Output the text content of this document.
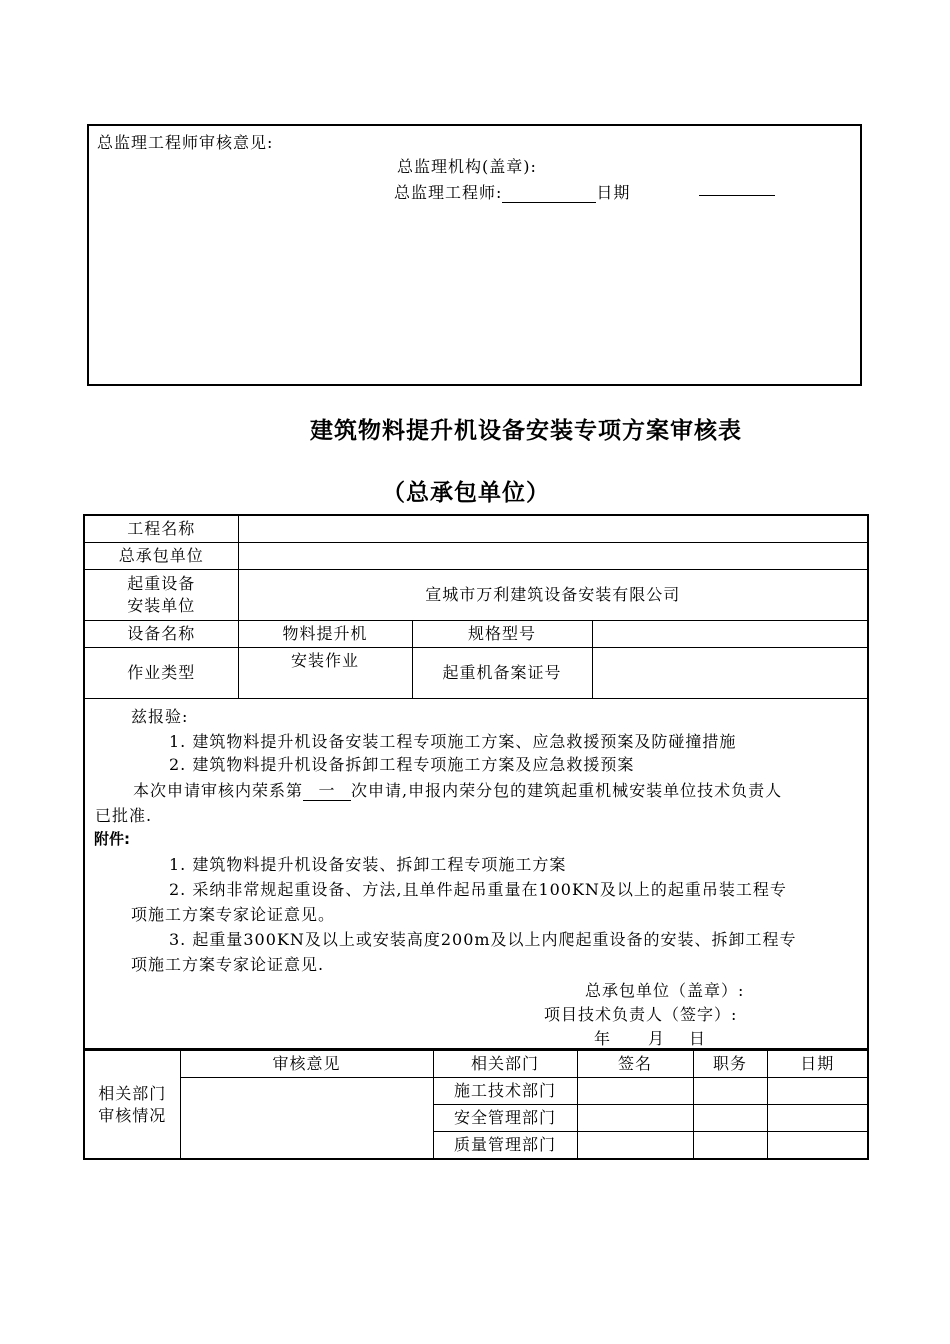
总监理工程师审核意见:
总监理机构(盖章):
总监理工程师:	日期
建筑物料提升机设备安装专项方案审核表
（总承包单位）
工程名称			
总承包单位			

起重设备
安装单位	宣城市万利建筑设备安装有限公司		
设备名称	物料提升机	规格型号	
作业类型	安装作业	起重机备案证号	

兹报验:
1. 建筑物料提升机设备安装工程专项施工方案、应急救援预案及防碰撞措施
2. 建筑物料提升机设备拆卸工程专项施工方案及应急救援预案
本次申请审核内荣系第 一 次申请,申报内荣分包的建筑起重机械安装单位技术负责人
已批准.
附件:
1. 建筑物料提升机设备安装、拆卸工程专项施工方案
2. 采纳非常规起重设备、方法,且单件起吊重量在100KN及以上的起重吊装工程专
项施工方案专家论证意见。
3. 起重量300KN及以上或安装高度200m及以上内爬起重设备的安装、拆卸工程专
项施工方案专家论证意见.
总承包单位（盖章）:
项目技术负责人（签字）:
年 月 日
相关部门
审核情况	审核意见	相关部门	签名	职务	日期
		施工技术部门			
		安全管理部门			
		质量管理部门			
